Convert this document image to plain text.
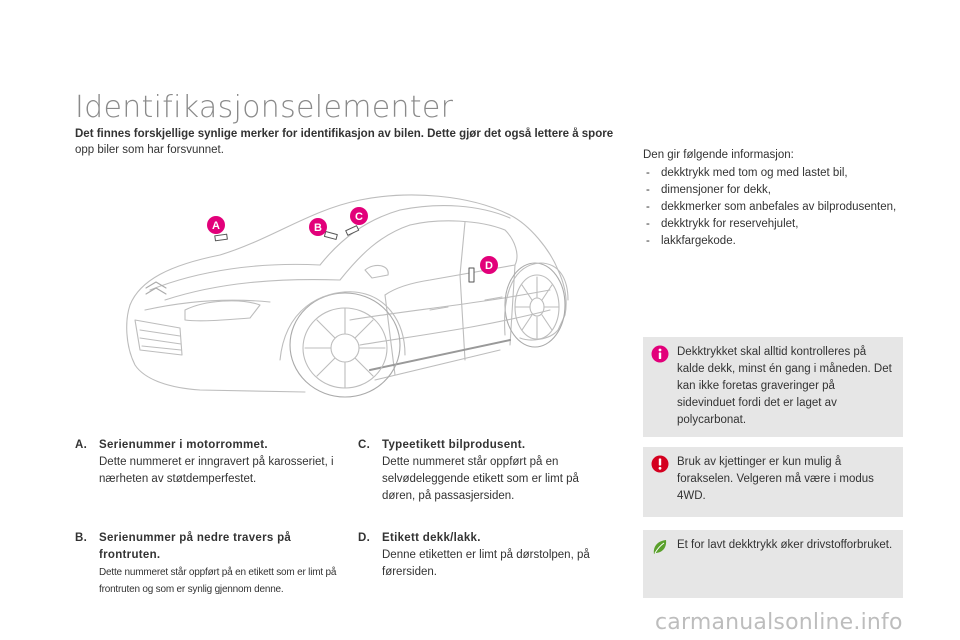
Identifikasjonselementer
Det finnes forskjellige synlige merker for identifikasjon av bilen. Dette gjør det også lettere å spore
opp biler som har forsvunnet.
A	B
C
D
Den gir følgende informasjon:
- dekktrykk med tom og med lastet bil,
- dimensjoner for dekk,
- dekkmerker som anbefales av bilprodusenten,
- dekktrykk for reservehjulet,
- lakkfargekode.
A.	Serienummer i motorrommet.
Dette nummeret er inngravert på karosseriet, i nærheten av støtdemperfestet.
B.	Serienummer på nedre travers på frontruten.
Dette nummeret står oppført på en etikett som er limt på frontruten og som er synlig gjennom denne.
C.	Typeetikett bilprodusent.
Dette nummeret står oppført på en selvødeleggende etikett som er limt på døren, på passasjersiden.
D.	Etikett dekk/lakk.
Denne etiketten er limt på dørstolpen, på førersiden.
Dekktrykket skal alltid kontrolleres på kalde dekk, minst én gang i måneden. Det kan ikke foretas graveringer på sidevinduet fordi det er laget av polycarbonat.
Bruk av kjettinger er kun mulig å forakselen. Velgeren må være i modus 4WD.
Et for lavt dekktrykk øker drivstofforbruket.
carmanualsonline.info
